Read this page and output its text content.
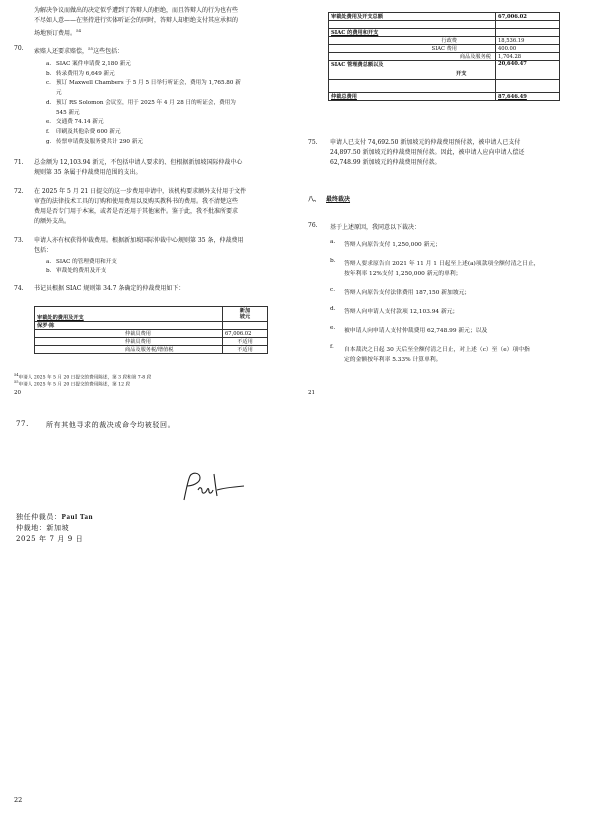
为解决争议而做出的决定似乎遭到了答辩人的拒绝，而且答辩人的行为也有些
不尽如人意——在坚持进行实体听证会的同时，答辩人却拒绝支付其应承担的
场地预订费用。$^{54}$
70. 索赔人还要求赔偿，$^{55}$这些包括：
a. SIAC 案件申请费 2,180 新元
b. 转录费用为 6,649 新元
c. 预订 Maxwell Chambers 于 5 月 5 日举行听证会，费用为 1,765.80 新
元
d. 预订 RS Solomon 会议室，用于 2025 年 4 月 28 日的听证会，费用为
545 新元
e. 交通费 74.14 新元
f. 印刷及其他杂费 600 新元
g. 传票申请费及服务费共计 290 新元
71. 总金额为 12,103.94 新元，不包括申请人要求的、但根据新加坡国际仲裁中心
规则第 35 条属于仲裁费用范围的支出。
72. 在 2025 年 5 月 21 日提交的这一步费用申请中，该机构要求额外支付用于文件
审查的法律技术工具的订购和使用费用以及购买教科书的费用。我不清楚这些
费用是否专门用于本案，或者是否还用于其他案件。鉴于此，我不批准所要求
的额外支出。
73. 申请人亦有权获得仲裁费用。根据新加坡国际仲裁中心规则第 35 条，仲裁费用
包括：
a. SIAC 的管理费用和开支
b. 审裁处的费用及开支
74. 书记员根据 SIAC 规则第 34.7 条确定的仲裁费用如下：
审裁处的费用及开支	新加
坡元
保罗·陈	
仲裁员费用	67,006.02
仲裁员费用	不适用
商品及服务税/增值税	不适用
$^{54}$申请人 2025 年 5 月 20 日提交的费用陈述，第 3 段和第 7-8 段
$^{55}$申请人 2025 年 5 月 20 日提交的费用陈述，第 12 段
20
审裁处费用及开支总额	67,006.02

SIAC 的费用和开支	
行政费	18,536.19
SIAC 费用	400.00
商品及服务税	1,704.28
SIAC 管理费总额以及
开支	20,640.47

仲裁总费用	87,646.49
75. 申请人已支付 74,692.50 新加坡元的仲裁费用预付款，被申请人已支付
24,897.50 新加坡元的仲裁费用预付款。因此，被申请人应向申请人偿还
62,748.99 新加坡元的仲裁费用预付款。
八、 最终裁决
76. 基于上述原因，我同意以下裁决：
a. 答辩人向原告支付 1,250,000 新元；
b. 答辩人要求原告自 2021 年 11 月 1 日起至上述(a)项款项全额付清之日止，
按年利率 12%支付 1,250,000 新元的单利；
c. 答辩人向原告支付法律费用 187,150 新加坡元；
d. 答辩人向申请人支付款项 12,103.94 新元；
e. 被申请人向申请人支付仲裁费用 62,748.99 新元；以及
f. 自本裁决之日起 30 天后至全额付清之日止，对上述（c）至（e）项中指
定的金额按年利率 5.33% 计算单利。
21
77. 所有其他寻求的裁决或命令均被驳回。
独任仲裁员：Paul Tan
仲裁地：新加坡
2025 年 7 月 9 日
22
